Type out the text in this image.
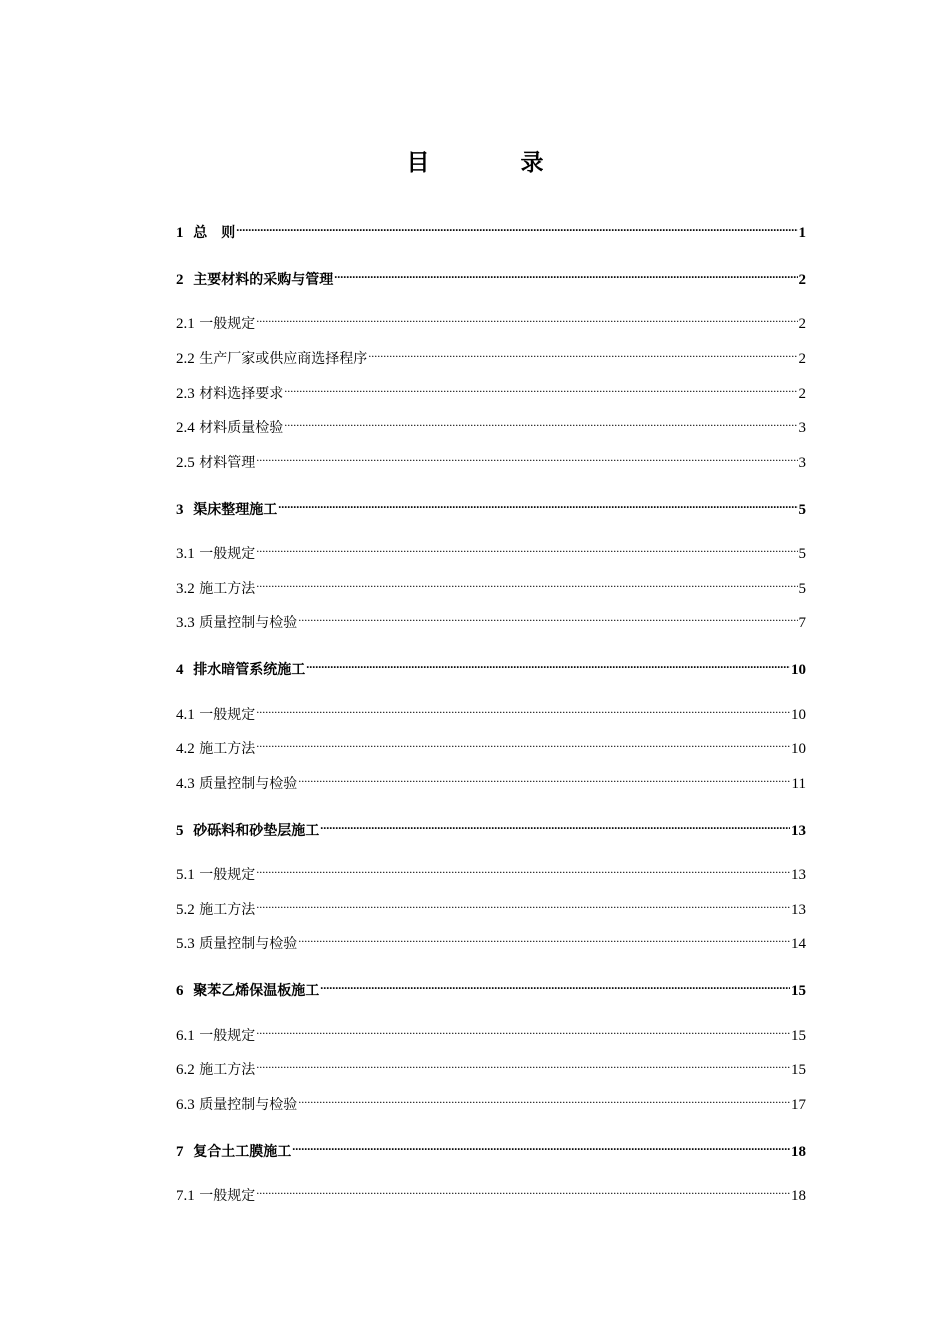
目　录
1 总　则 .....	1
2 主要材料的采购与管理 .....	2
2.1 一般规定 .....	2
2.2 生产厂家或供应商选择程序 .....	2
2.3 材料选择要求 .....	2
2.4 材料质量检验 .....	3
2.5 材料管理 .....	3
3 渠床整理施工 .....	5
3.1 一般规定 .....	5
3.2 施工方法 .....	5
3.3 质量控制与检验 .....	7
4 排水暗管系统施工 .....	10
4.1 一般规定 .....	10
4.2 施工方法 .....	10
4.3 质量控制与检验 .....	11
5 砂砾料和砂垫层施工 .....	13
5.1 一般规定 .....	13
5.2 施工方法 .....	13
5.3 质量控制与检验 .....	14
6 聚苯乙烯保温板施工 .....	15
6.1 一般规定 .....	15
6.2 施工方法 .....	15
6.3 质量控制与检验 .....	17
7 复合土工膜施工 .....	18
7.1 一般规定 .....	18
